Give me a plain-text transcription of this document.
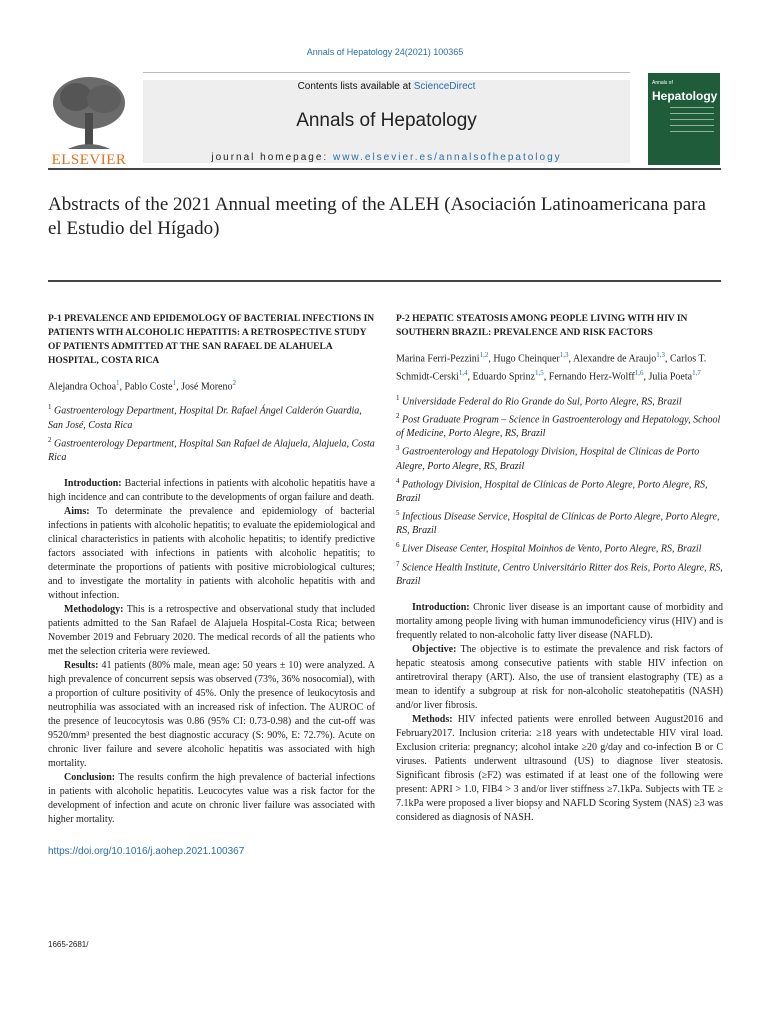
Annals of Hepatology 24(2021) 100365
ELSEVIER
Contents lists available at ScienceDirect
Annals of Hepatology
journal homepage: www.elsevier.es/annalsofhepatology
Annals of
Hepatology
Abstracts of the 2021 Annual meeting of the ALEH (Asociación Latinoamericana para el Estudio del Hígado)

P-1 PREVALENCE AND EPIDEMOLOGY OF BACTERIAL INFECTIONS IN PATIENTS WITH ALCOHOLIC HEPATITIS: A RETROSPECTIVE STUDY OF PATIENTS ADMITTED AT THE SAN RAFAEL DE ALAHUELA HOSPITAL, COSTA RICA

Alejandra Ochoa$^1$, Pablo Coste$^1$, José Moreno$^2$

$^1$ Gastroenterology Department, Hospital Dr. Rafael Ángel Calderón Guardia, San José, Costa Rica

$^2$ Gastroenterology Department, Hospital San Rafael de Alajuela, Alajuela, Costa Rica

Introduction: Bacterial infections in patients with alcoholic hepatitis have a high incidence and can contribute to the developments of organ failure and death.

Aims: To determinate the prevalence and epidemiology of bacterial infections in patients with alcoholic hepatitis; to evaluate the epidemiological and clinical characteristics in patients with alcoholic hepatitis; to identify predictive factors associated with infections in patients with alcoholic hepatitis; to determinate the proportions of patients with positive microbiological cultures; and to investigate the mortality in patients with alcoholic hepatitis with and without infection.

Methodology: This is a retrospective and observational study that included patients admitted to the San Rafael de Alajuela Hospital-Costa Rica; between November 2019 and February 2020. The medical records of all the patients who met the selection criteria were reviewed.

Results: 41 patients (80% male, mean age: 50 years ± 10) were analyzed. A high prevalence of concurrent sepsis was observed (73%, 36% nosocomial), with a proportion of culture positivity of 45%. Only the presence of leukocytosis and neutrophilia was associated with an increased risk of infection. The AUROC of the presence of leucocytosis was 0.86 (95% CI: 0.73-0.98) and the cut-off was 9520/mm³ presented the best diagnostic accuracy (S: 90%, E: 72.7%). Acute on chronic liver failure and severe alcoholic hepatitis was associated with high mortality.

Conclusion: The results confirm the high prevalence of bacterial infections in patients with alcoholic hepatitis. Leucocytes value was a risk factor for the development of infection and acute on chronic liver failure was associated with higher mortality.

https://doi.org/10.1016/j.aohep.2021.100367

P-2 HEPATIC STEATOSIS AMONG PEOPLE LIVING WITH HIV IN SOUTHERN BRAZIL: PREVALENCE AND RISK FACTORS

Marina Ferri-Pezzini$^{1,2}$, Hugo Cheinquer$^{1,3}$, Alexandre de Araujo$^{1,3}$, Carlos T. Schmidt-Cerski$^{1,4}$, Eduardo Sprinz$^{1,5}$, Fernando Herz-Wolff$^{1,6}$, Julia Poeta$^{1,7}$

$^1$ Universidade Federal do Rio Grande do Sul, Porto Alegre, RS, Brazil

$^2$ Post Graduate Program – Science in Gastroenterology and Hepatology, School of Medicine, Porto Alegre, RS, Brazil

$^3$ Gastroenterology and Hepatology Division, Hospital de Clínicas de Porto Alegre, Porto Alegre, RS, Brazil

$^4$ Pathology Division, Hospital de Clínicas de Porto Alegre, Porto Alegre, RS, Brazil

$^5$ Infectious Disease Service, Hospital de Clínicas de Porto Alegre, Porto Alegre, RS, Brazil

$^6$ Liver Disease Center, Hospital Moinhos de Vento, Porto Alegre, RS, Brazil

$^7$ Science Health Institute, Centro Universitário Ritter dos Reis, Porto Alegre, RS, Brazil

Introduction: Chronic liver disease is an important cause of morbidity and mortality among people living with human immunodeficiency virus (HIV) and is frequently related to non-alcoholic fatty liver disease (NAFLD).

Objective: The objective is to estimate the prevalence and risk factors of hepatic steatosis among consecutive patients with stable HIV infection on antiretroviral therapy (ART). Also, the use of transient elastography (TE) as a mean to identify a subgroup at risk for non-alcoholic steatohepatitis (NASH) and/or liver fibrosis.

Methods: HIV infected patients were enrolled between August2016 and February2017. Inclusion criteria: ≥18 years with undetectable HIV viral load. Exclusion criteria: pregnancy; alcohol intake ≥20 g/day and co-infection B or C viruses. Patients underwent ultrasound (US) to diagnose liver steatosis. Significant fibrosis (≥F2) was estimated if at least one of the following were present: APRI > 1.0, FIB4 > 3 and/or liver stiffness ≥7.1kPa. Subjects with TE ≥ 7.1kPa were proposed a liver biopsy and NAFLD Scoring System (NAS) ≥3 was considered as diagnosis of NASH.

1665-2681/
